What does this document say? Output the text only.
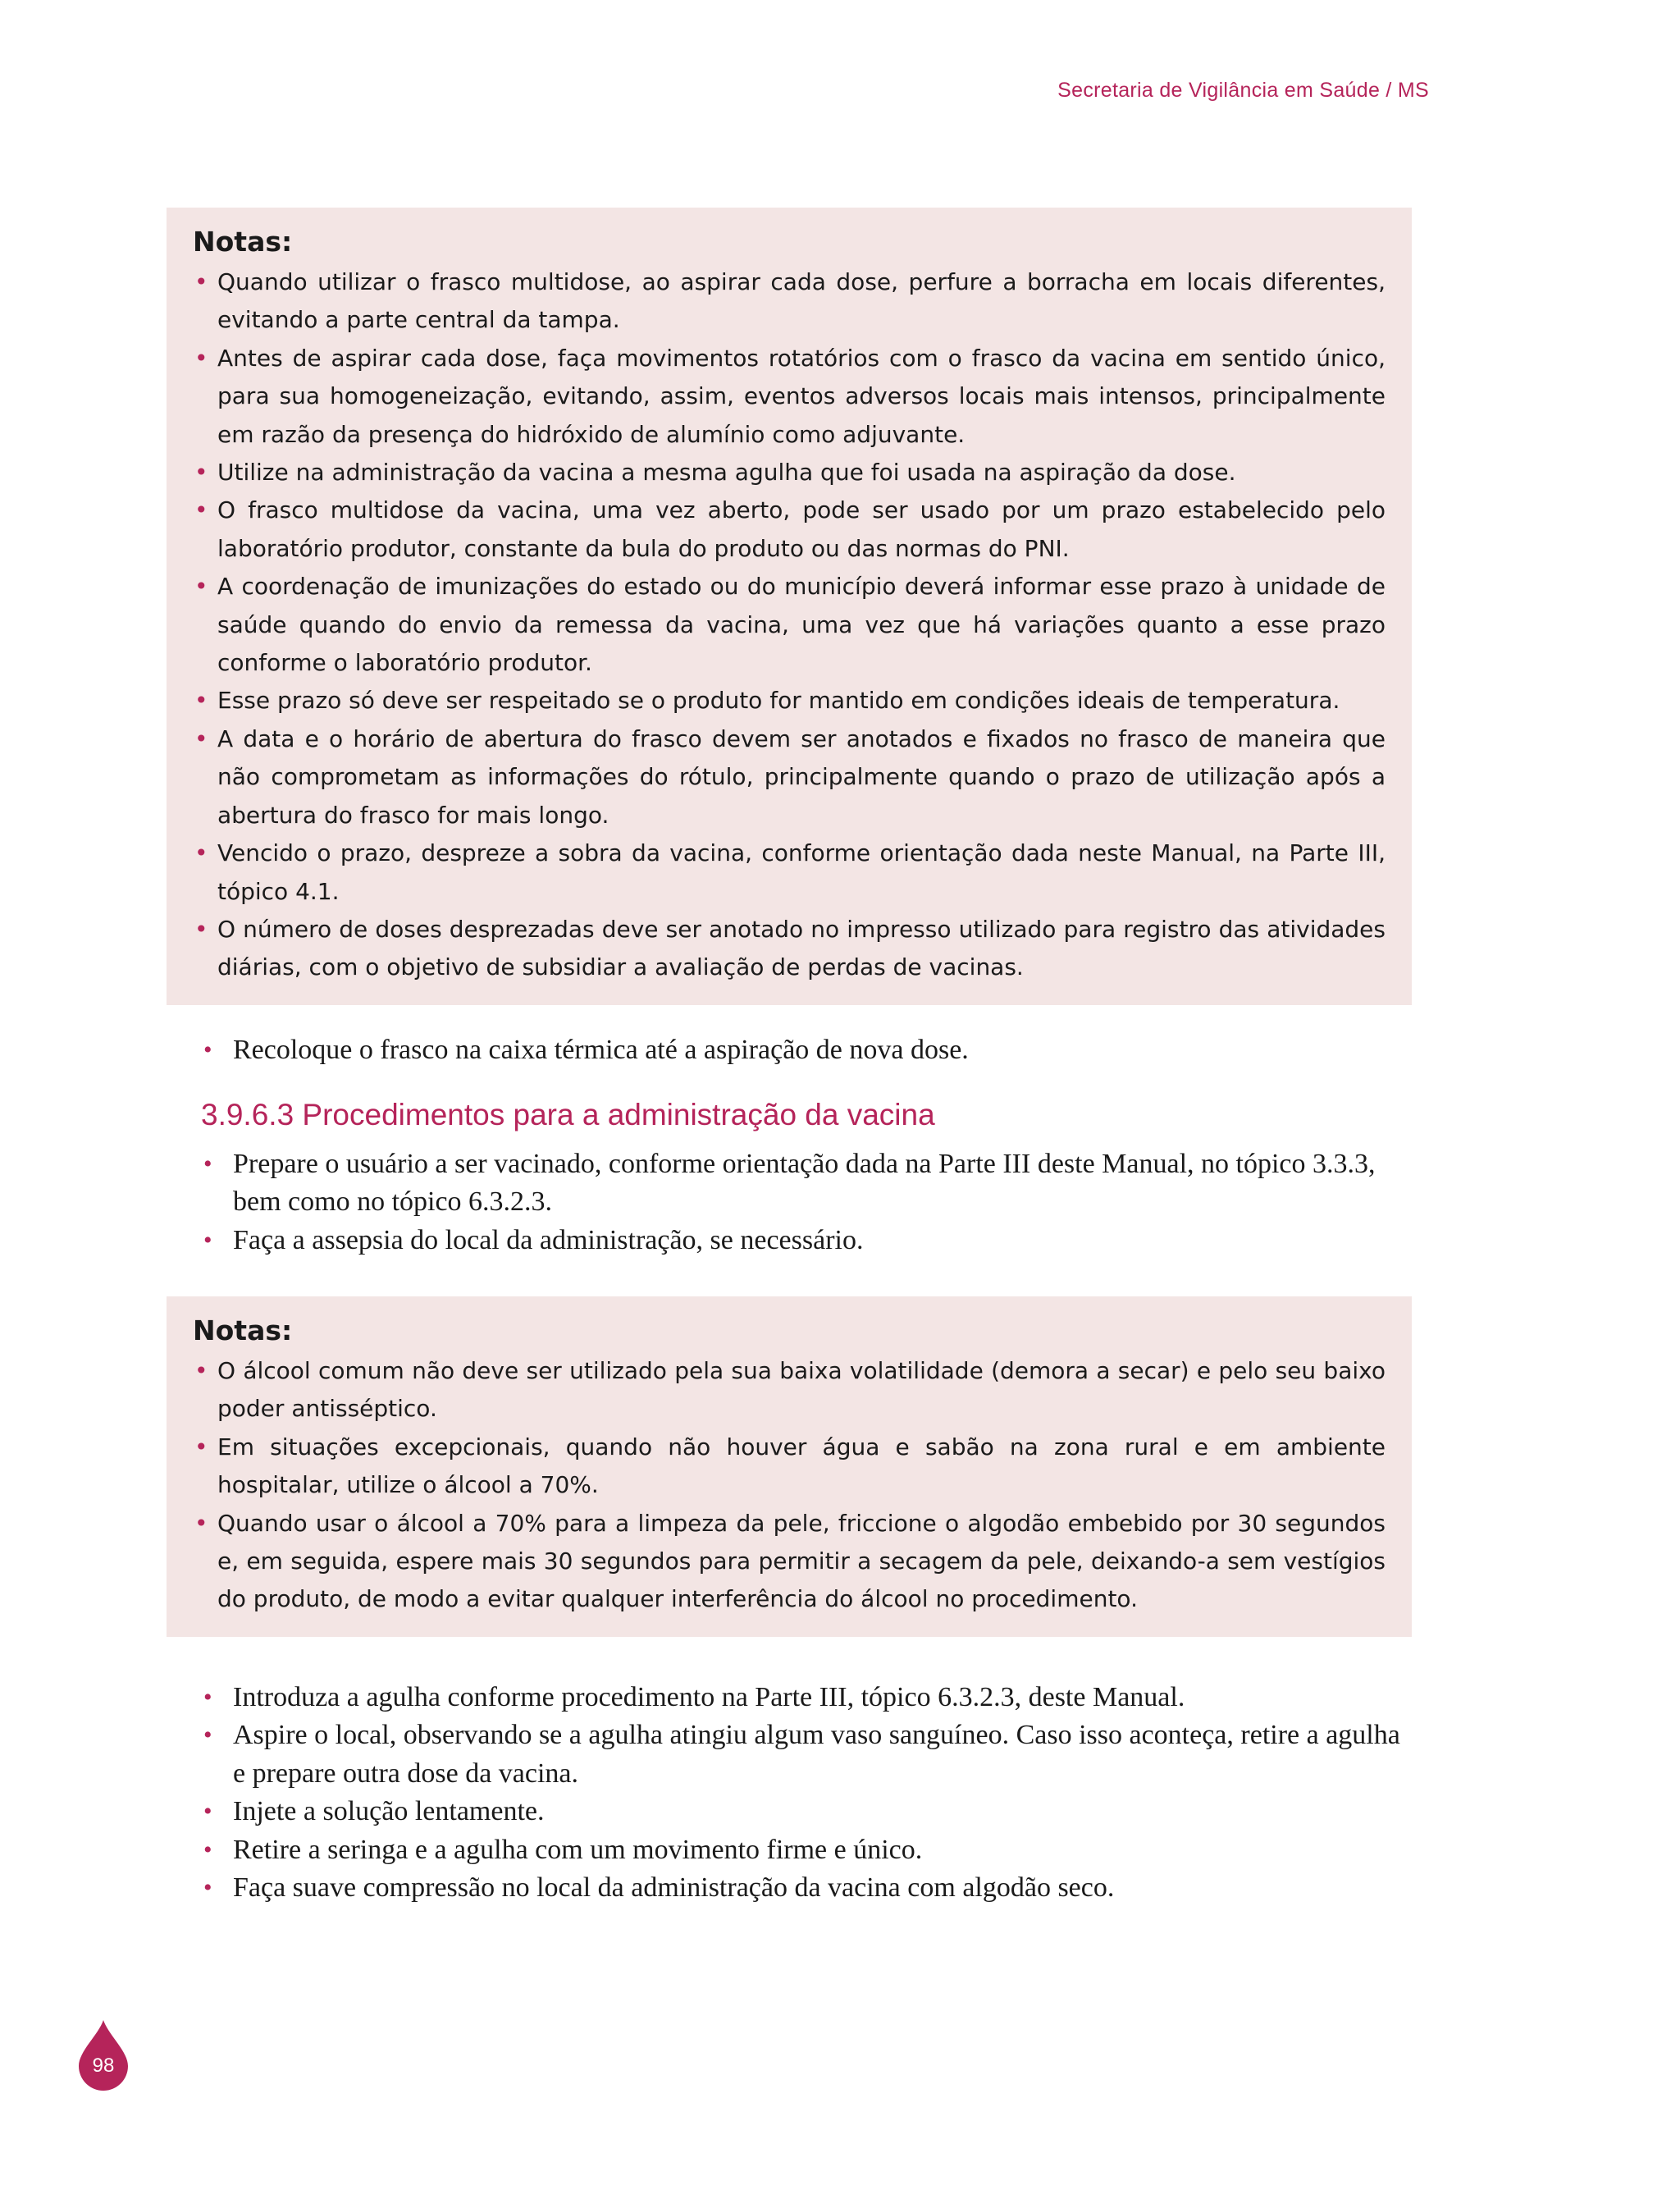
Secretaria de Vigilância em Saúde / MS
Notas:
• Quando utilizar o frasco multidose, ao aspirar cada dose, perfure a borracha em locais diferentes, evitando a parte central da tampa.
• Antes de aspirar cada dose, faça movimentos rotatórios com o frasco da vacina em sentido único, para sua homogeneização, evitando, assim, eventos adversos locais mais intensos, principalmente em razão da presença do hidróxido de alumínio como adjuvante.
• Utilize na administração da vacina a mesma agulha que foi usada na aspiração da dose.
• O frasco multidose da vacina, uma vez aberto, pode ser usado por um prazo estabelecido pelo laboratório produtor, constante da bula do produto ou das normas do PNI.
• A coordenação de imunizações do estado ou do município deverá informar esse prazo à unidade de saúde quando do envio da remessa da vacina, uma vez que há variações quanto a esse prazo conforme o laboratório produtor.
• Esse prazo só deve ser respeitado se o produto for mantido em condições ideais de temperatura.
• A data e o horário de abertura do frasco devem ser anotados e fixados no frasco de maneira que não comprometam as informações do rótulo, principalmente quando o prazo de utilização após a abertura do frasco for mais longo.
• Vencido o prazo, despreze a sobra da vacina, conforme orientação dada neste Manual, na Parte III, tópico 4.1.
• O número de doses desprezadas deve ser anotado no impresso utilizado para registro das atividades diárias, com o objetivo de subsidiar a avaliação de perdas de vacinas.
• Recoloque o frasco na caixa térmica até a aspiração de nova dose.
3.9.6.3 Procedimentos para a administração da vacina
• Prepare o usuário a ser vacinado, conforme orientação dada na Parte III deste Manual, no tópico 3.3.3, bem como no tópico 6.3.2.3.
• Faça a assepsia do local da administração, se necessário.
Notas:
• O álcool comum não deve ser utilizado pela sua baixa volatilidade (demora a secar) e pelo seu baixo poder antisséptico.
• Em situações excepcionais, quando não houver água e sabão na zona rural e em ambiente hospitalar, utilize o álcool a 70%.
• Quando usar o álcool a 70% para a limpeza da pele, friccione o algodão embebido por 30 segundos e, em seguida, espere mais 30 segundos para permitir a secagem da pele, deixando-a sem vestígios do produto, de modo a evitar qualquer interferência do álcool no procedimento.
• Introduza a agulha conforme procedimento na Parte III, tópico 6.3.2.3, deste Manual.
• Aspire o local, observando se a agulha atingiu algum vaso sanguíneo. Caso isso aconteça, retire a agulha e prepare outra dose da vacina.
• Injete a solução lentamente.
• Retire a seringa e a agulha com um movimento firme e único.
• Faça suave compressão no local da administração da vacina com algodão seco.
98
